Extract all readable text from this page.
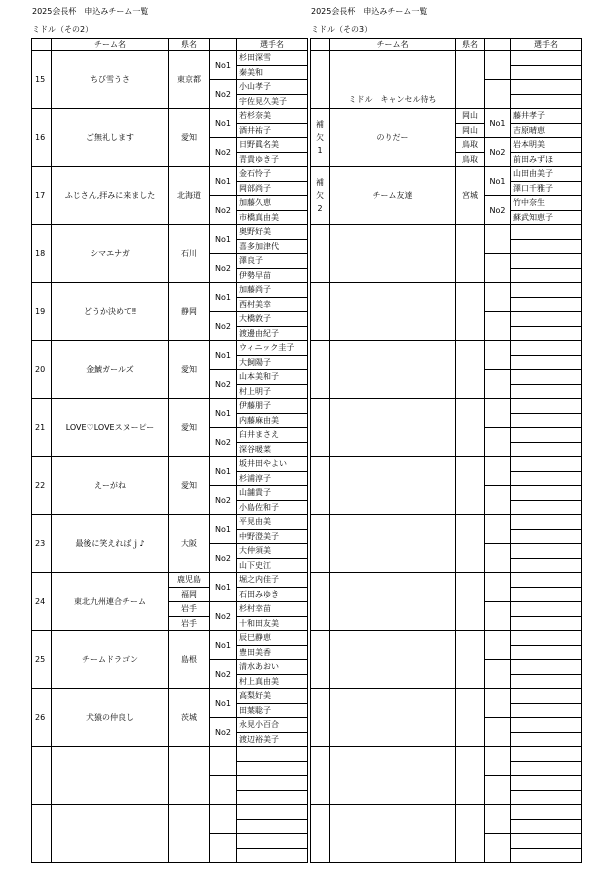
2025会長杯　申込みチーム一覧
ミドル（その2）
2025会長杯　申込みチーム一覧
ミドル（その3）
	チーム名	県名		選手名
15	ちび雪うさ	東京都	No1	杉田深雪
				秦美和
			No2	小山孝子
				宇佐見久美子
16	ご無礼します	愛知	No1	若杉奈美
				酒井祐子
			No2	日野眞名美
				青貴ゆき子
17	ふじさん,拝みに来ました	北海道	No1	金石怜子
				岡部尚子
			No2	加藤久恵
				市橋真由美
18	シマエナガ	石川	No1	奥野好美
				喜多加津代
			No2	澤良子
				伊勢早苗
19	どうか決めて‼	静岡	No1	加藤尚子
				西村美幸
			No2	大橋敦子
				渡邊由紀子
20	金鯱ガールズ	愛知	No1	ウィニック圭子
				大飼陽子
			No2	山本美和子
				村上明子
21	LOVE♡LOVEスヌーピー	愛知	No1	伊藤朋子
				内藤麻由美
			No2	臼井まさえ
				深谷暖菜
22	えーがね	愛知	No1	坂井田やよい
				杉浦淳子
			No2	山舗貴子
				小島佐和子
23	最後に笑えればｊ♪	大阪	No1	平見由美
				中野澄美子
			No2	大仲須美
				山下史江
24	東北九州連合チーム	鹿児島	No1	堀之内佳子
		福岡		石田みゆき
		岩手	No2	杉村幸苗
		岩手		十和田友美
25	チームドラゴン	島根	No1	辰巳静恵
				豊田美香
			No2	清水あおい
				村上真由美
26	犬猿の仲良し	茨城	No1	高梨好美
				田葉聡子
			No2	永見小百合
				渡辺裕美子

	チーム名	県名		選手名

	ミドル　キャンセル待ち			

補
欠
1	のりだー	岡山	No1	藤井孝子
		岡山		吉原晴恵
		鳥取	No2	岩本明美
		鳥取		前田みずほ

補
欠
2	チーム友達	宮城	No1	山田由美子
				澤口千雅子
			No2	竹中奈生
				蘇武知恵子
